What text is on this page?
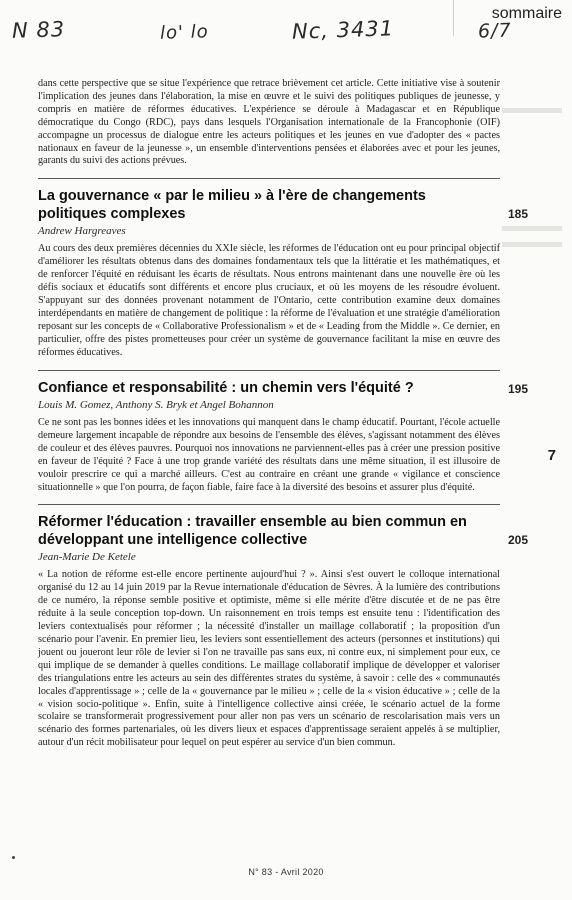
N 83	lo' lo	Nc, 3431	6/7
sommaire
7

dans cette perspective que se situe l'expérience que retrace brièvement cet article. Cette initiative vise à soutenir l'implication des jeunes dans l'élaboration, la mise en œuvre et le suivi des politiques publiques de jeunesse, y compris en matière de réformes éducatives. L'expérience se déroule à Madagascar et en République démocratique du Congo (RDC), pays dans lesquels l'Organisation internationale de la Francophonie (OIF) accompagne un processus de dialogue entre les acteurs politiques et les jeunes en vue d'adopter des « pactes nationaux en faveur de la jeunesse », un ensemble d'interventions pensées et élaborées avec et pour les jeunes, garants du suivi des actions prévues.

La gouvernance « par le milieu » à l'ère de changements politiques complexes	185
Andrew Hargreaves

Au cours des deux premières décennies du XXIe siècle, les réformes de l'éducation ont eu pour principal objectif d'améliorer les résultats obtenus dans des domaines fondamentaux tels que la littératie et les mathématiques, et de renforcer l'équité en réduisant les écarts de résultats. Nous entrons maintenant dans une nouvelle ère où les défis sociaux et éducatifs sont différents et encore plus cruciaux, et où les moyens de les résoudre évoluent. S'appuyant sur des données provenant notamment de l'Ontario, cette contribution examine deux domaines interdépendants en matière de changement de politique : la réforme de l'évaluation et une stratégie d'amélioration reposant sur les concepts de « Collaborative Professionalism » et de « Leading from the Middle ». Ce dernier, en particulier, offre des pistes prometteuses pour créer un système de gouvernance facilitant la mise en œuvre des réformes éducatives.

Confiance et responsabilité : un chemin vers l'équité ?	195
Louis M. Gomez, Anthony S. Bryk et Angel Bohannon

Ce ne sont pas les bonnes idées et les innovations qui manquent dans le champ éducatif. Pourtant, l'école actuelle demeure largement incapable de répondre aux besoins de l'ensemble des élèves, s'agissant notamment des élèves de couleur et des élèves pauvres. Pourquoi nos innovations ne parviennent-elles pas à créer une pression positive en faveur de l'équité ? Face à une trop grande variété des résultats dans une même situation, il est illusoire de vouloir prescrire ce qui a marché ailleurs. C'est au contraire en créant une grande « vigilance et conscience situationnelle » que l'on pourra, de façon fiable, faire face à la diversité des besoins et assurer plus d'équité.

Réformer l'éducation : travailler ensemble au bien commun en développant une intelligence collective	205
Jean-Marie De Ketele

« La notion de réforme est-elle encore pertinente aujourd'hui ? ». Ainsi s'est ouvert le colloque international organisé du 12 au 14 juin 2019 par la Revue internationale d'éducation de Sèvres. À la lumière des contributions de ce numéro, la réponse semble positive et optimiste, même si elle mérite d'être discutée et de ne pas être réduite à la seule conception top-down. Un raisonnement en trois temps est ensuite tenu : l'identification des leviers contextualisés pour réformer ; la nécessité d'installer un maillage collaboratif ; la proposition d'un scénario pour l'avenir. En premier lieu, les leviers sont essentiellement des acteurs (personnes et institutions) qui jouent ou joueront leur rôle de levier si l'on ne travaille pas sans eux, ni contre eux, ni simplement pour eux, ce qui implique de se demander à quelles conditions. Le maillage collaboratif implique de développer et valoriser des triangulations entre les acteurs au sein des différentes strates du système, à savoir : celle des « communautés locales d'apprentissage » ; celle de la « gouvernance par le milieu » ; celle de la « vision éducative » ; celle de la « vision socio-politique ». Enfin, suite à l'intelligence collective ainsi créée, le scénario actuel de la forme scolaire se transformerait progressivement pour aller non pas vers un scénario de rescolarisation mais vers un scénario des formes partenariales, où les divers lieux et espaces d'apprentissage seraient appelés à se multiplier, autour d'un récit mobilisateur pour lequel on peut espérer au service d'un bien commun.

N° 83 - Avril 2020
